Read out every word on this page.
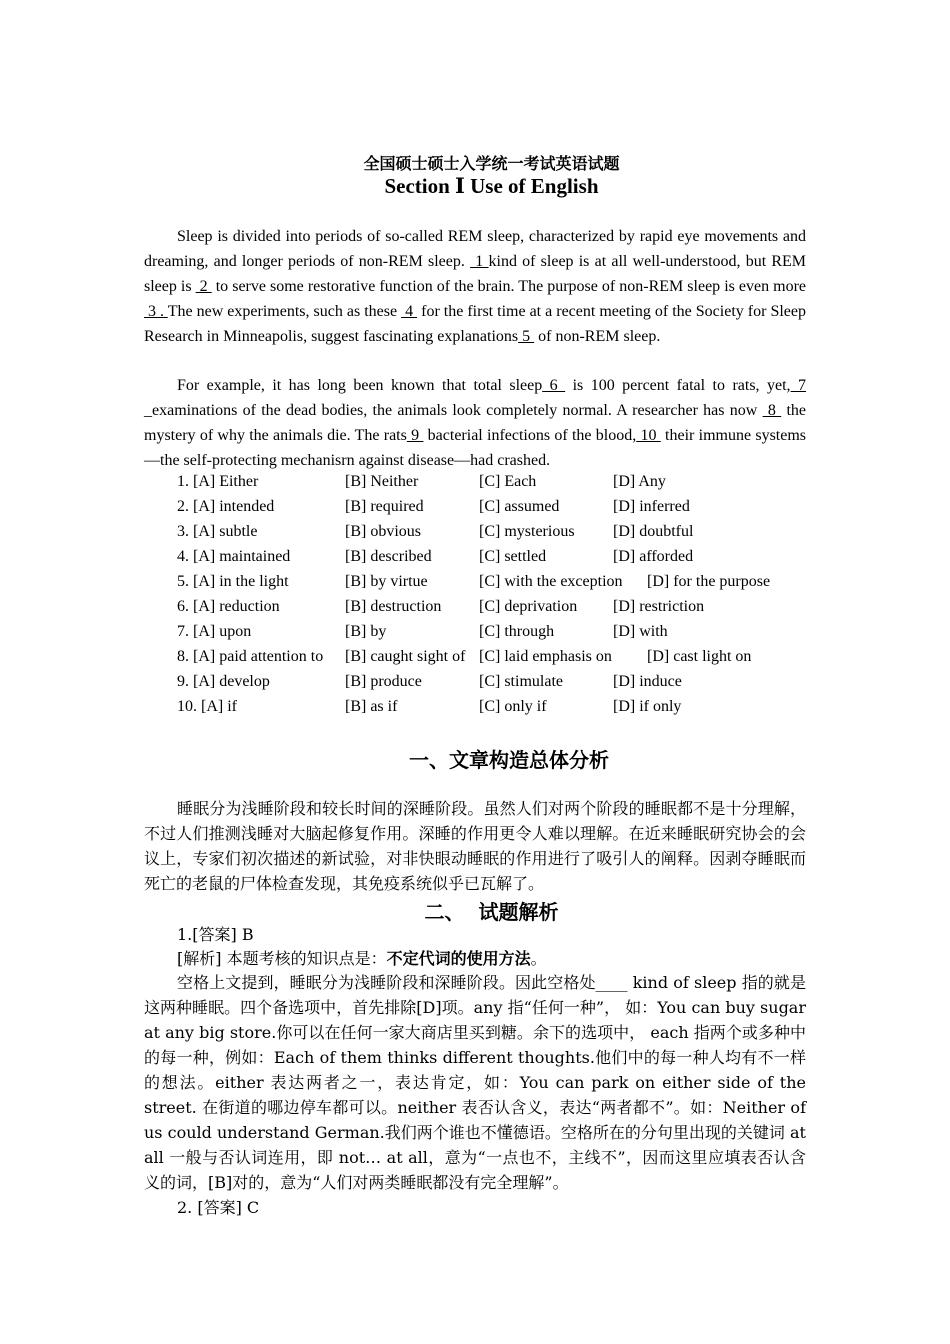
全国硕士硕士入学统一考试英语试题
Section Ⅰ Use of English
Sleep is divided into periods of so-called REM sleep, characterized by rapid eye movements and dreaming, and longer periods of non-REM sleep.  1 kind of sleep is at all well-understood, but REM sleep is  2  to serve some restorative function of the brain. The purpose of non-REM sleep is even more  3 . The new experiments, such as these  4  for the first time at a recent meeting of the Society for Sleep Research in Minneapolis, suggest fascinating explanations 5  of non-REM sleep.
For example, it has long been known that total sleep 6  is 100 percent fatal to rats, yet, 7 _examinations of the dead bodies, the animals look completely normal. A researcher has now  8  the mystery of why the animals die. The rats 9  bacterial infections of the blood, 10  their immune systems—the self-protecting mechanisrn against disease—had crashed.
1. [A] Either	[B] Neither	[C] Each	[D] Any
2. [A] intended	[B] required	[C] assumed	[D] inferred
3. [A] subtle	[B] obvious	[C] mysterious [D] doubtful
4. [A] maintained	[B] described	[C] settled	[D] afforded
5. [A] in the light	[B] by virtue	[C] with the exception [D] for the purpose
6. [A] reduction	[B] destruction [C] deprivation [D] restriction
7. [A] upon	[B] by	[C] through	[D] with
8. [A] paid attention to [B] caught sight of [C] laid emphasis on [D] cast light on
9. [A] develop	[B] produce	[C] stimulate	[D] induce
10. [A] if	[B] as if	[C] only if	[D] if only
一、文章构造总体分析
睡眠分为浅睡阶段和较长时间的深睡阶段。虽然人们对两个阶段的睡眠都不是十分理解，不过人们推测浅睡对大脑起修复作用。深睡的作用更令人难以理解。在近来睡眠研究协会的会议上，专家们初次描述的新试验，对非快眼动睡眠的作用进行了吸引人的阐释。因剥夺睡眠而死亡的老鼠的尸体检查发现，其免疫系统似乎已瓦解了。
二、  试题解析
1.[答案] B
[解析] 本题考核的知识点是：不定代词的使用方法。
空格上文提到，睡眠分为浅睡阶段和深睡阶段。因此空格处____ kind of sleep 指的就是这两种睡眠。四个备选项中，首先排除[D]项。any 指“任何一种”， 如：You can buy sugar at any big store.你可以在任何一家大商店里买到糖。余下的选项中， each 指两个或多种中的每一种，例如：Each of them thinks different thoughts.他们中的每一种人均有不一样的想法。either 表达两者之一，表达肯定，如：You can park on either side of the street. 在街道的哪边停车都可以。neither 表否认含义，表达“两者都不”。如：Neither of us could understand German.我们两个谁也不懂德语。空格所在的分句里出现的关键词 at all 一般与否认词连用，即 not… at all，意为“一点也不，主线不”，因而这里应填表否认含义的词，[B]对的，意为“人们对两类睡眠都没有完全理解”。
2. [答案] C
